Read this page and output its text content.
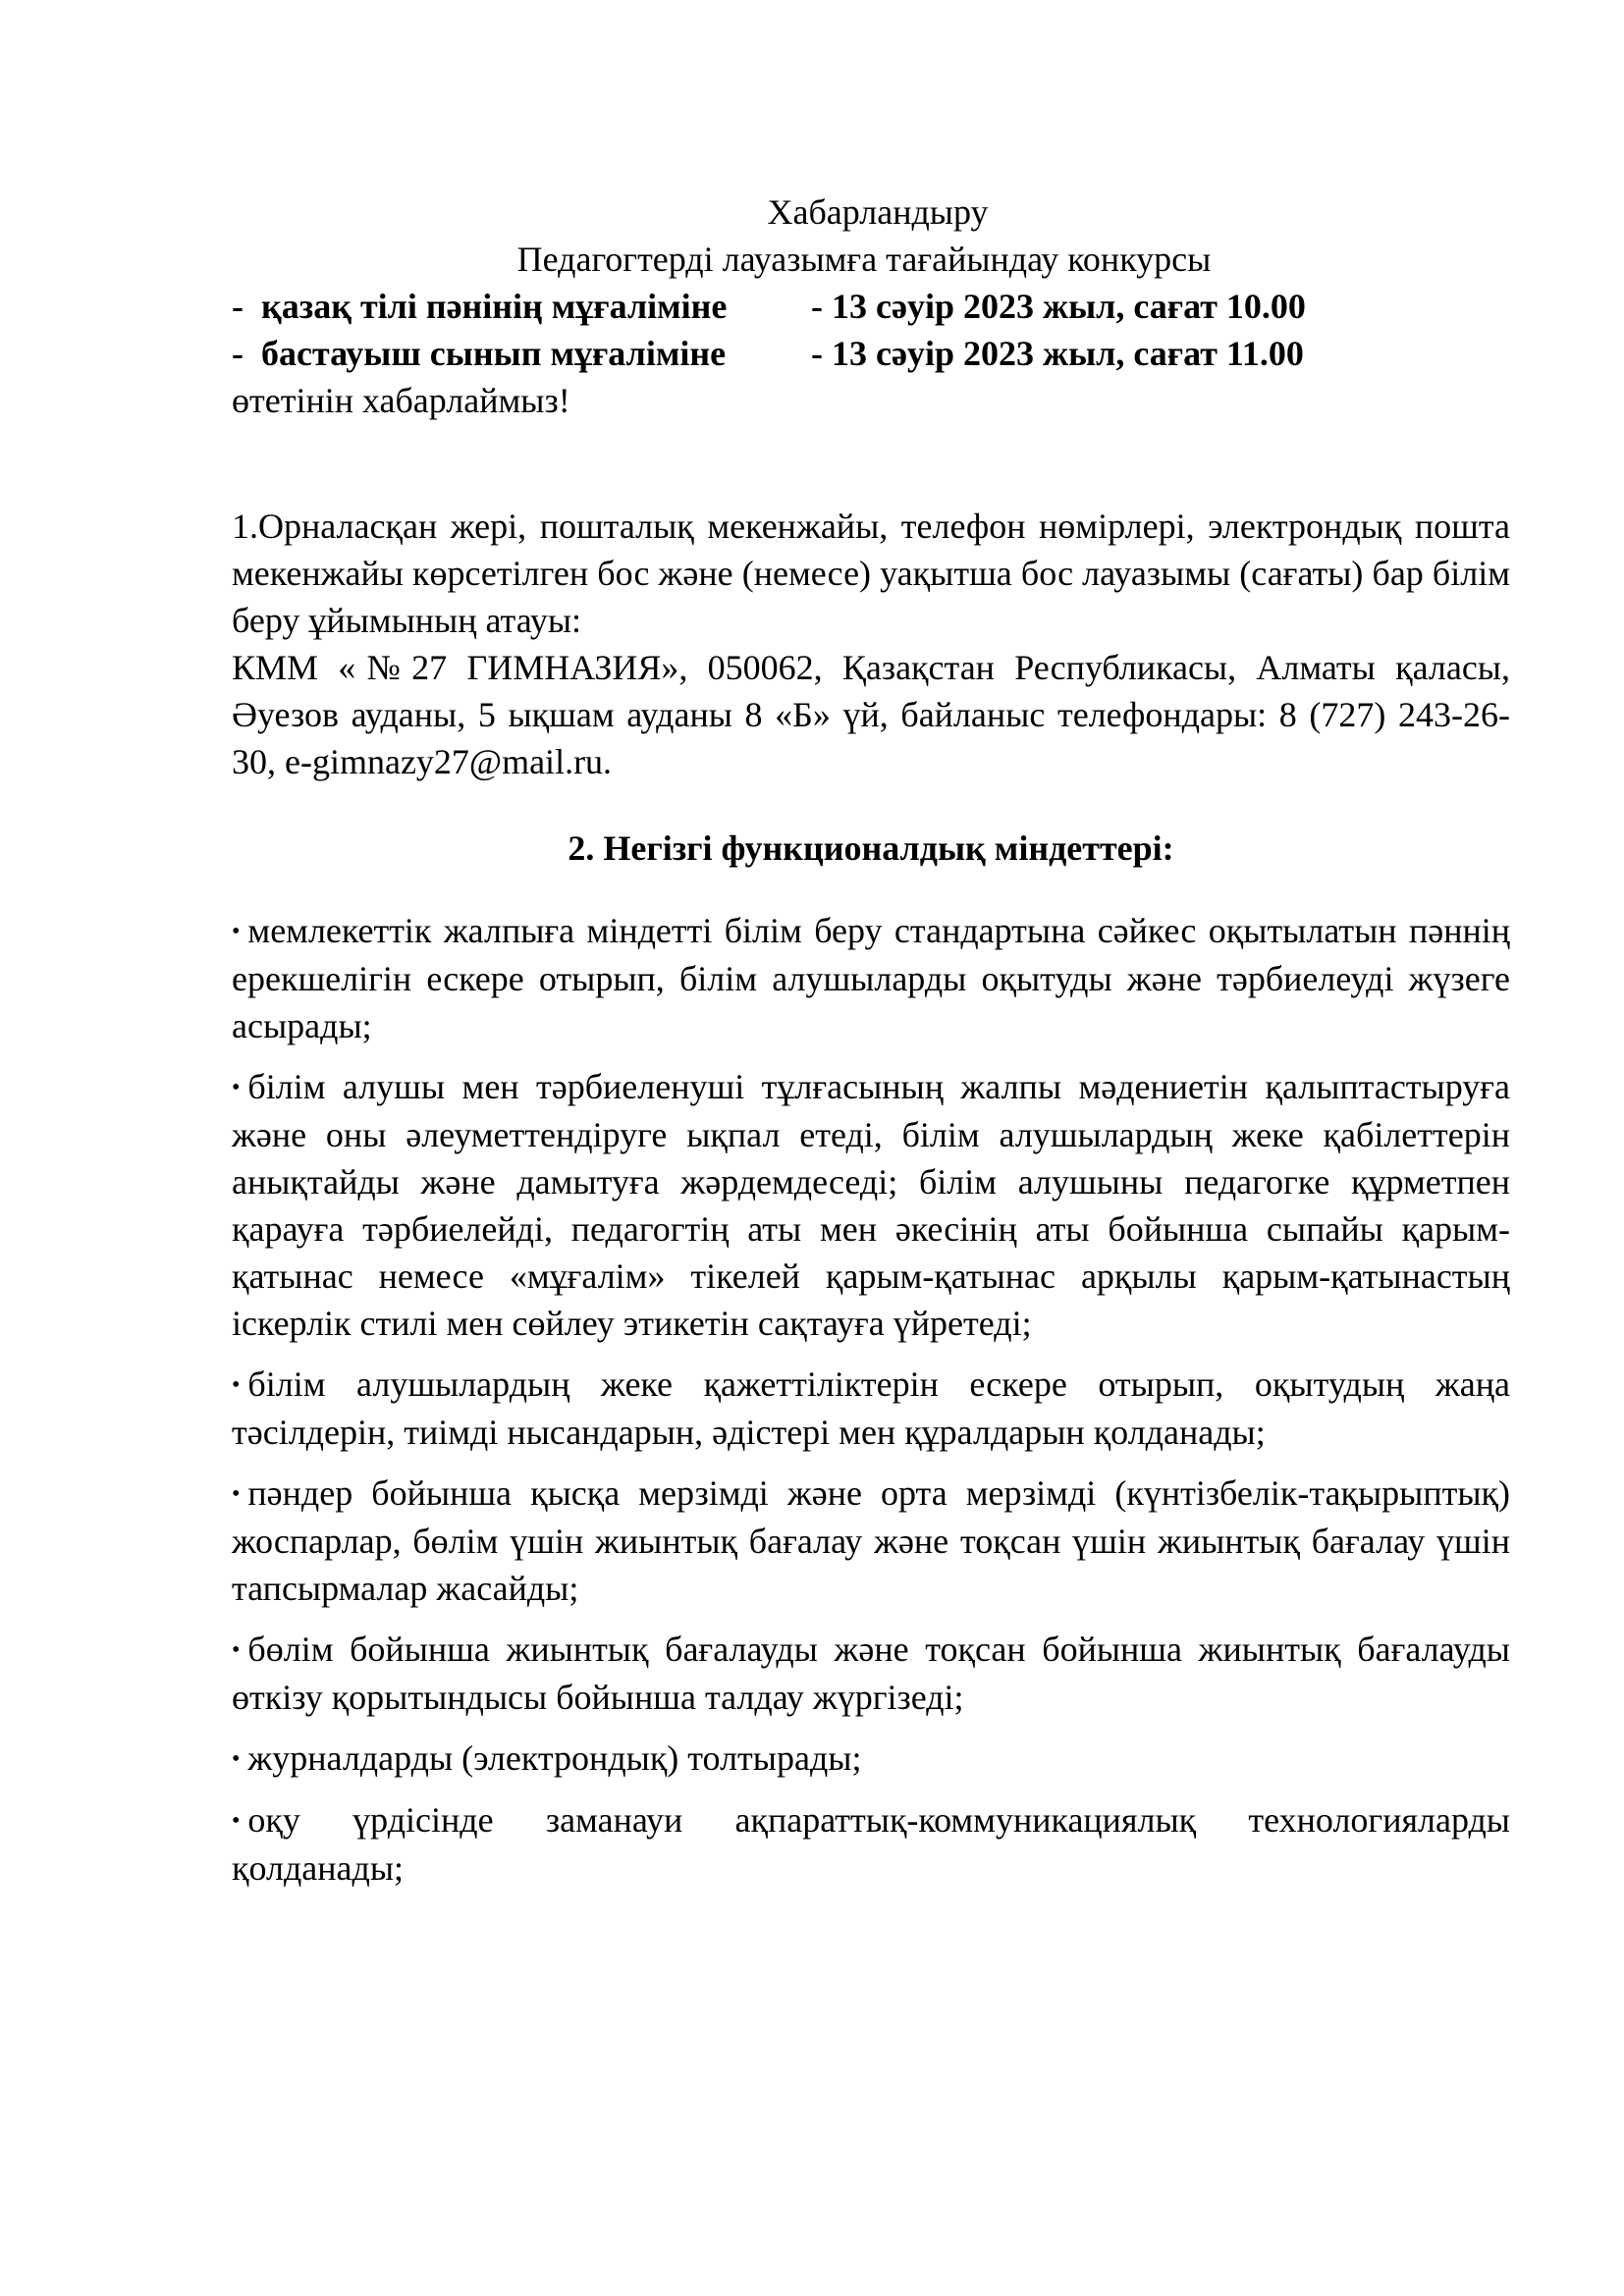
Хабарландыру

Педагогтерді лауазымға тағайындау конкурсы

-  қазақ тілі пәнінің мұғаліміне	- 13 сәуір 2023 жыл, сағат 10.00
-  бастауыш сынып мұғаліміне	- 13 сәуір 2023 жыл, сағат 11.00

өтетінін хабарлаймыз!

1.Орналасқан жері, пошталық мекенжайы, телефон нөмірлері, электрондық пошта мекенжайы көрсетілген бос және (немесе) уақытша бос лауазымы (сағаты) бар білім беру ұйымының атауы:

КММ «№27 ГИМНАЗИЯ», 050062, Қазақстан Республикасы, Алматы қаласы, Әуезов ауданы, 5 ықшам ауданы 8 «Б» үй, байланыс телефондары: 8 (727) 243-26-30, e-gimnazy27@mail.ru.

2. Негізгі функционалдық міндеттері:

• мемлекеттік жалпыға міндетті білім беру стандартына сәйкес оқытылатын пәннің ерекшелігін ескере отырып, білім алушыларды оқытуды және тәрбиелеуді жүзеге асырады;
• білім алушы мен тәрбиеленуші тұлғасының жалпы мәдениетін қалыптастыруға және оны әлеуметтендіруге ықпал етеді, білім алушылардың жеке қабілеттерін анықтайды және дамытуға жәрдемдеседі; білім алушыны педагогке құрметпен қарауға тәрбиелейді, педагогтің аты мен әкесінің аты бойынша сыпайы қарым-қатынас немесе «мұғалім» тікелей қарым-қатынас арқылы қарым-қатынастың іскерлік стилі мен сөйлеу этикетін сақтауға үйретеді;
• білім алушылардың жеке қажеттіліктерін ескере отырып, оқытудың жаңа тәсілдерін, тиімді нысандарын, әдістері мен құралдарын қолданады;
• пәндер бойынша қысқа мерзімді және орта мерзімді (күнтізбелік-тақырыптық) жоспарлар, бөлім үшін жиынтық бағалау және тоқсан үшін жиынтық бағалау үшін тапсырмалар жасайды;
• бөлім бойынша жиынтық бағалауды және тоқсан бойынша жиынтық бағалауды өткізу қорытындысы бойынша талдау жүргізеді;
• журналдарды (электрондық) толтырады;
• оқу үрдісінде заманауи ақпараттық-коммуникациялық технологияларды қолданады;
